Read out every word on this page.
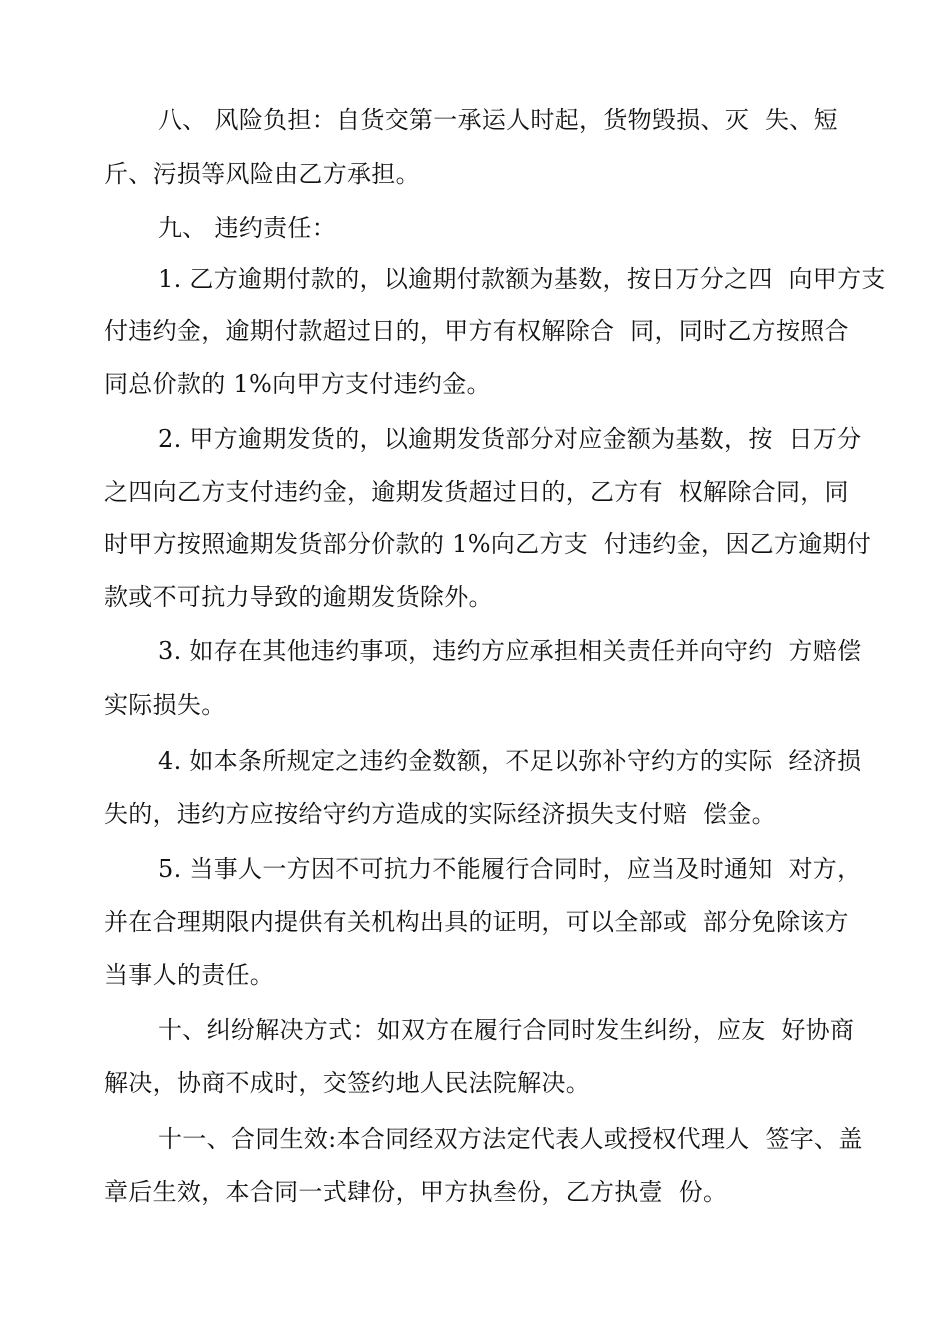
八、 风险负担：自货交第一承运人时起，货物毁损、灭  失、短
斤、污损等风险由乙方承担。
九、 违约责任：
1. 乙方逾期付款的，以逾期付款额为基数，按日万分之四  向甲方支
付违约金，逾期付款超过日的，甲方有权解除合  同，同时乙方按照合
同总价款的 1%向甲方支付违约金。
2. 甲方逾期发货的，以逾期发货部分对应金额为基数，按  日万分
之四向乙方支付违约金，逾期发货超过日的，乙方有  权解除合同，同
时甲方按照逾期发货部分价款的 1%向乙方支  付违约金，因乙方逾期付
款或不可抗力导致的逾期发货除外。
3. 如存在其他违约事项，违约方应承担相关责任并向守约  方赔偿
实际损失。
4. 如本条所规定之违约金数额，不足以弥补守约方的实际  经济损
失的，违约方应按给守约方造成的实际经济损失支付赔  偿金。
5. 当事人一方因不可抗力不能履行合同时，应当及时通知  对方，
并在合理期限内提供有关机构出具的证明，可以全部或  部分免除该方
当事人的责任。
十、纠纷解决方式：如双方在履行合同时发生纠纷，应友  好协商
解决，协商不成时，交签约地人民法院解决。
十一、合同生效:本合同经双方法定代表人或授权代理人  签字、盖
章后生效，本合同一式肆份，甲方执叁份，乙方执壹  份。
